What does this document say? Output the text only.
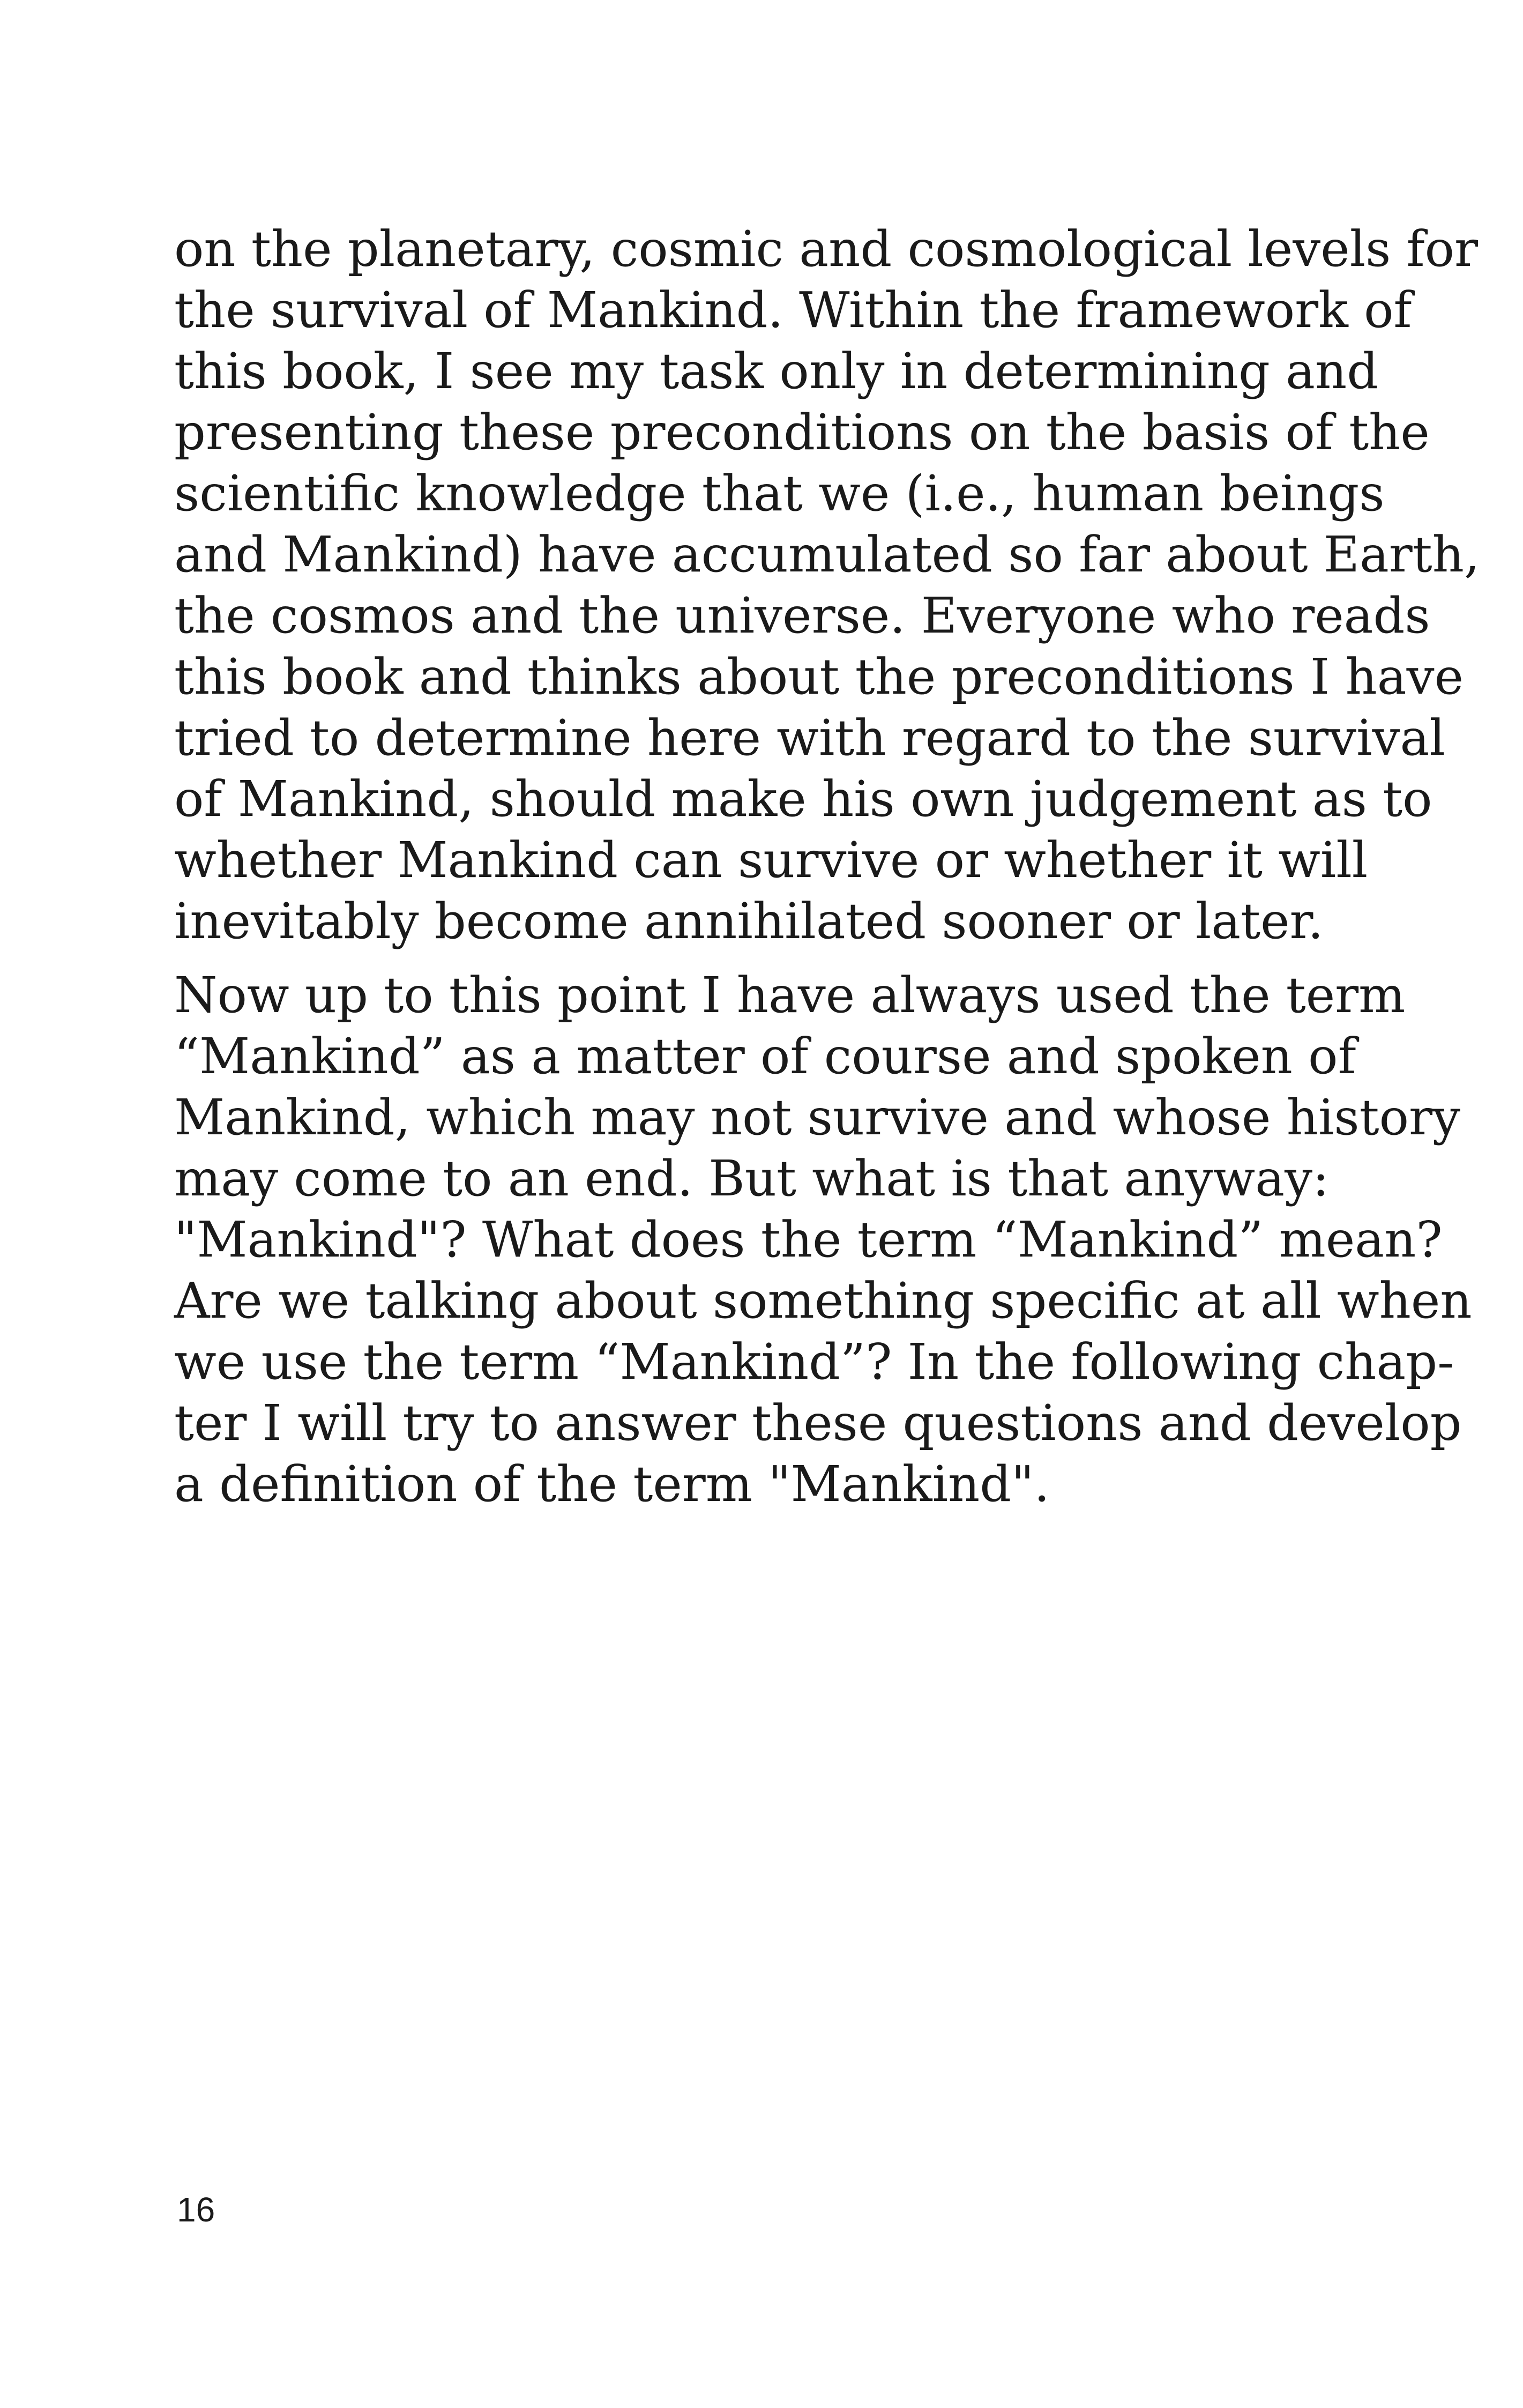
on the planetary, cosmic and cosmological levels for
the survival of Mankind. Within the framework of
this book, I see my task only in determining and
presenting these preconditions on the basis of the
scientific knowledge that we (i.e., human beings
and Mankind) have accumulated so far about Earth,
the cosmos and the universe. Everyone who reads
this book and thinks about the preconditions I have
tried to determine here with regard to the survival
of Mankind, should make his own judgement as to
whether Mankind can survive or whether it will
inevitably become annihilated sooner or later.

Now up to this point I have always used the term
“Mankind” as a matter of course and spoken of
Mankind, which may not survive and whose history
may come to an end. But what is that anyway:
"Mankind"? What does the term “Mankind” mean?
Are we talking about something specific at all when
we use the term “Mankind”? In the following chap-
ter I will try to answer these questions and develop
a definition of the term "Mankind".

16
